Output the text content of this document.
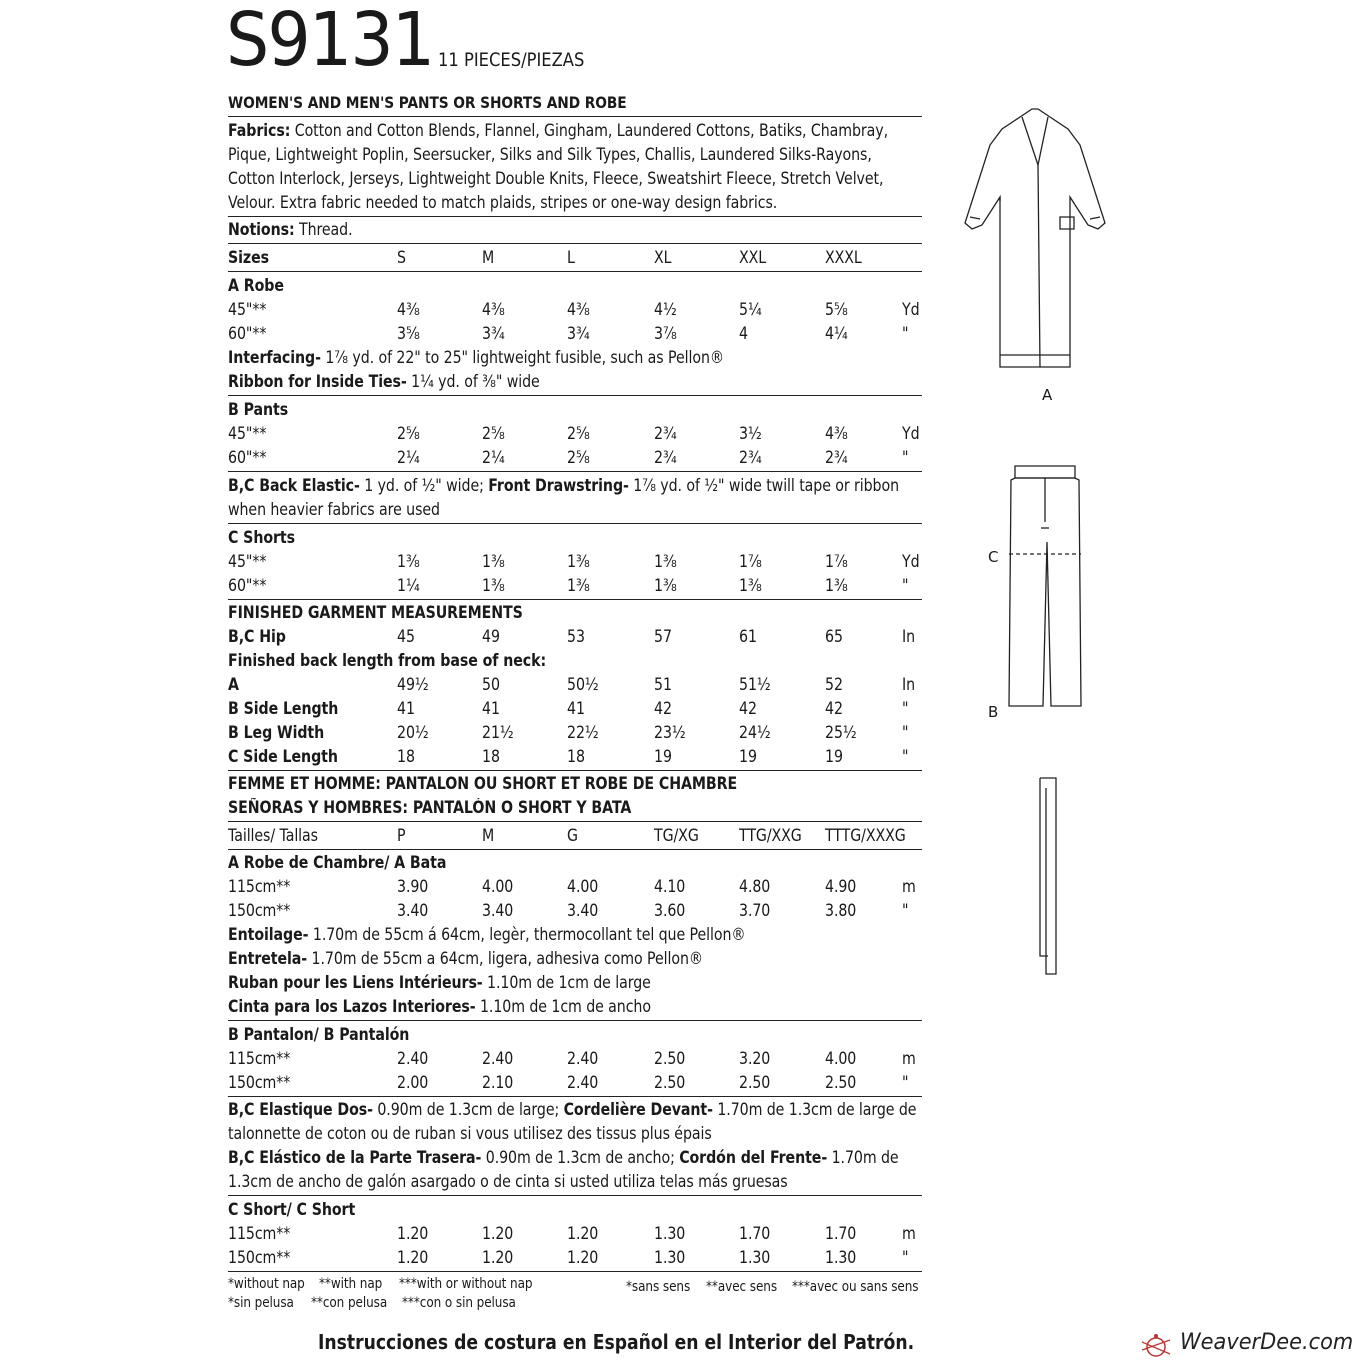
S9131 11 PIECES/PIEZAS
WOMEN'S AND MEN'S PANTS OR SHORTS AND ROBE
Fabrics: Cotton and Cotton Blends, Flannel, Gingham, Laundered Cottons, Batiks, Chambray,
Pique, Lightweight Poplin, Seersucker, Silks and Silk Types, Challis, Laundered Silks-Rayons,
Cotton Interlock, Jerseys, Lightweight Double Knits, Fleece, Sweatshirt Fleece, Stretch Velvet,
Velour. Extra fabric needed to match plaids, stripes or one-way design fabrics.
Notions: Thread.
Sizes	S	M	L	XL	XXL	XXXL
A Robe
45"**	4⅜	4⅜	4⅜	4½	5¼	5⅝	Yd
60"**	3⅝	3¾	3¾	3⅞	4	4¼	"
Interfacing- 1⅞ yd. of 22" to 25" lightweight fusible, such as Pellon®
Ribbon for Inside Ties- 1¼ yd. of ⅜" wide
B Pants
45"**	2⅝	2⅝	2⅝	2¾	3½	4⅜	Yd
60"**	2¼	2¼	2⅝	2¾	2¾	2¾	"
B,C Back Elastic- 1 yd. of ½" wide; Front Drawstring- 1⅞ yd. of ½" wide twill tape or ribbon
when heavier fabrics are used
C Shorts
45"**	1⅜	1⅜	1⅜	1⅜	1⅞	1⅞	Yd
60"**	1¼	1⅜	1⅜	1⅜	1⅜	1⅜	"
FINISHED GARMENT MEASUREMENTS
B,C Hip	45	49	53	57	61	65	In
Finished back length from base of neck:
A	49½	50	50½	51	51½	52	In
B Side Length	41	41	41	42	42	42	"
B Leg Width	20½	21½	22½	23½	24½	25½	"
C Side Length	18	18	18	19	19	19	"
FEMME ET HOMME: PANTALON OU SHORT ET ROBE DE CHAMBRE
SEÑORAS Y HOMBRES: PANTALÓN O SHORT Y BATA
Tailles/ Tallas	P	M	G	TG/XG TTG/XXG TTTG/XXXG
A Robe de Chambre/ A Bata
115cm**	3.90	4.00	4.00	4.10	4.80	4.90	m
150cm**	3.40	3.40	3.40	3.60	3.70	3.80	"
Entoilage- 1.70m de 55cm á 64cm, legèr, thermocollant tel que Pellon®
Entretela- 1.70m de 55cm a 64cm, ligera, adhesiva como Pellon®
Ruban pour les Liens Intérieurs- 1.10m de 1cm de large
Cinta para los Lazos Interiores- 1.10m de 1cm de ancho
B Pantalon/ B Pantalón
115cm**	2.40	2.40	2.40	2.50	3.20	4.00	m
150cm**	2.00	2.10	2.40	2.50	2.50	2.50	"
B,C Elastique Dos- 0.90m de 1.3cm de large; Cordelière Devant- 1.70m de 1.3cm de large de
talonnette de coton ou de ruban si vous utilisez des tissus plus épais
B,C Elástico de la Parte Trasera- 0.90m de 1.3cm de ancho; Cordón del Frente- 1.70m de
1.3cm de ancho de galón asargado o de cinta si usted utiliza telas más gruesas
C Short/ C Short
115cm**	1.20	1.20	1.20	1.30	1.70	1.70	m
150cm**	1.20	1.20	1.20	1.30	1.30	1.30	"
*without nap **with nap ***with or without nap	*sans sens **avec sens ***avec ou sans sens
*sin pelusa **con pelusa ***con o sin pelusa
Instrucciones de costura en Español en el Interior del Patrón.	WeaverDee.com
A
C
B
